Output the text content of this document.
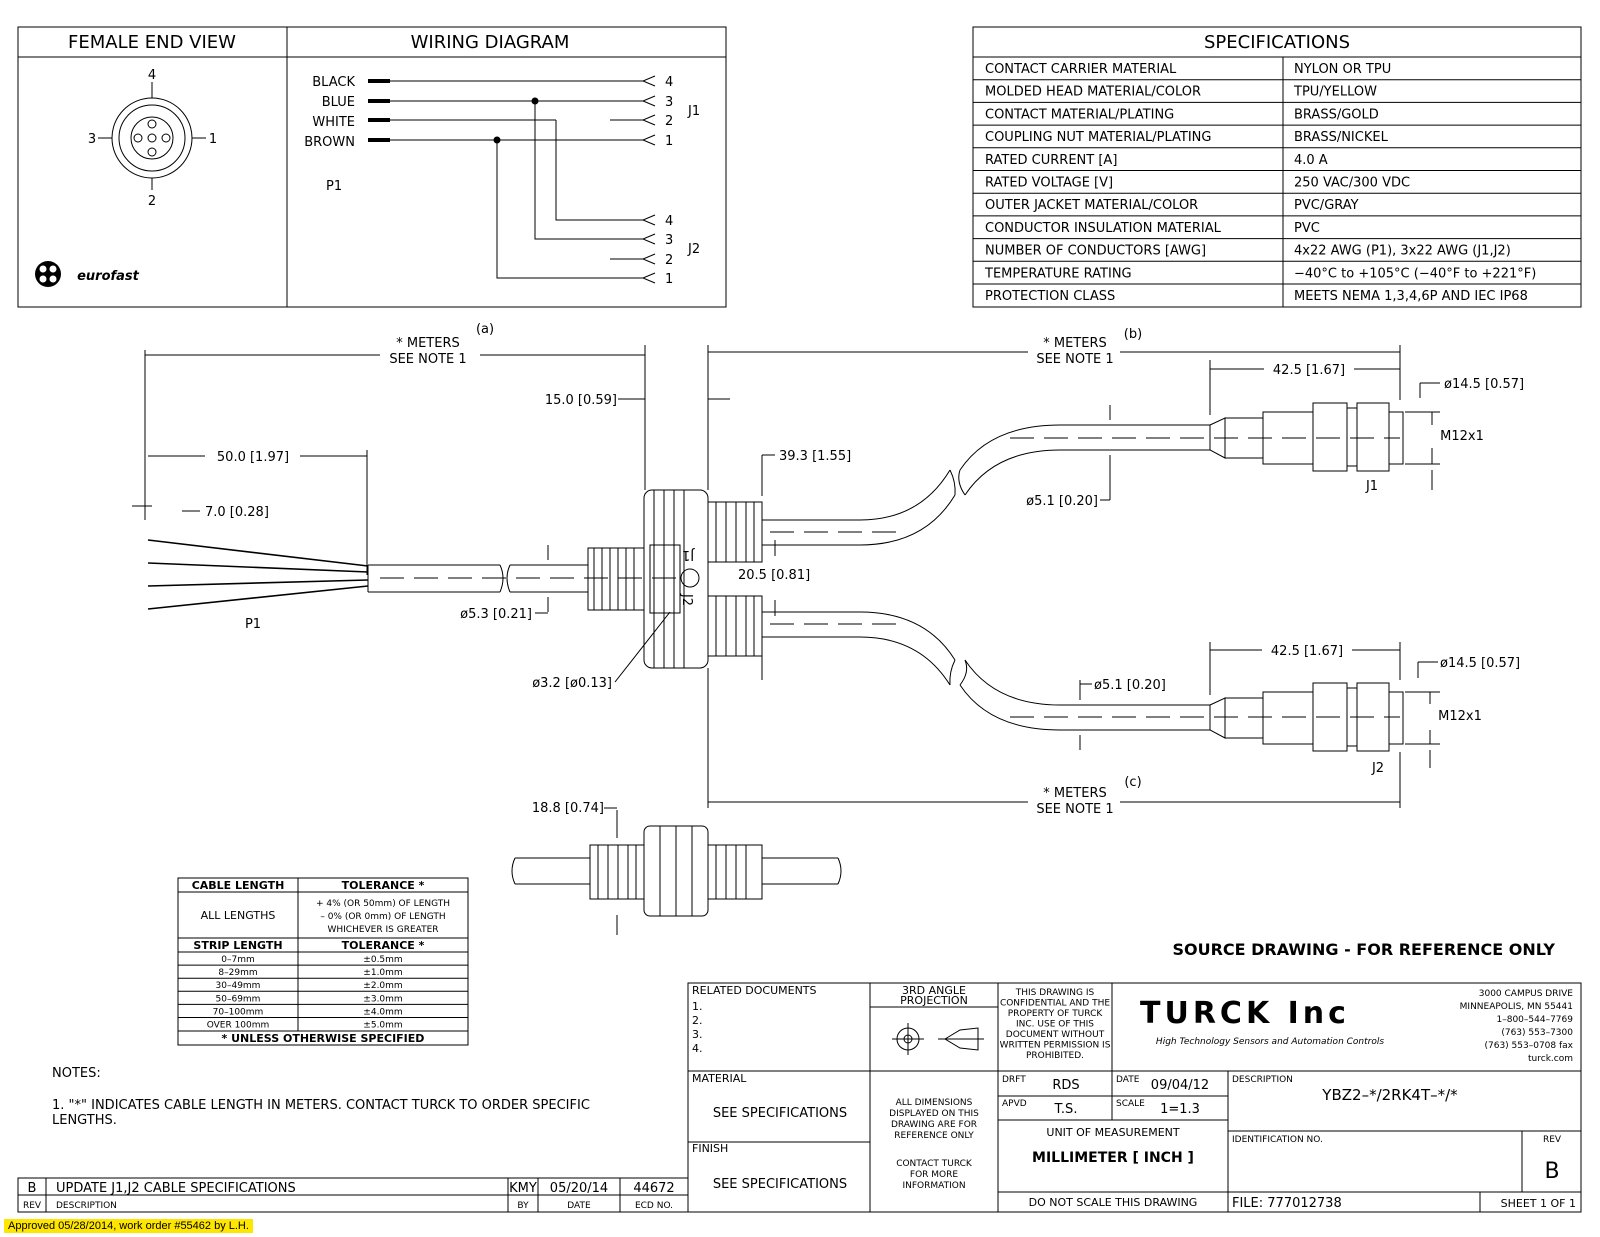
FEMALE END VIEW	WIRING DIAGRAM
4
3	1
2
eurofast
BLACK
BLUE
WHITE
BROWN
4
3
2
1
4
3
2
1
J1
J2
P1
SPECIFICATIONS
CONTACT CARRIER MATERIAL	NYLON OR TPU
MOLDED HEAD MATERIAL/COLOR	TPU/YELLOW
CONTACT MATERIAL/PLATING	BRASS/GOLD
COUPLING NUT MATERIAL/PLATING	BRASS/NICKEL
RATED CURRENT [A]	4.0 A
RATED VOLTAGE [V]	250 VAC/300 VDC
OUTER JACKET MATERIAL/COLOR	PVC/GRAY
CONDUCTOR INSULATION MATERIAL	PVC
NUMBER OF CONDUCTORS [AWG]	4x22 AWG (P1), 3x22 AWG (J1,J2)
TEMPERATURE RATING	−40°C to +105°C (−40°F to +221°F)
PROTECTION CLASS	MEETS NEMA 1,3,4,6P AND IEC IP68
* METERS
SEE NOTE 1
(a)
15.0 [0.59]
50.0 [1.97]
7.0 [0.28]
P1
ø5.3 [0.21]
J1
J2
39.3 [1.55]
20.5 [0.81]
ø3.2 [ø0.13]
ø5.1 [0.20]
42.5 [1.67]
ø14.5 [0.57]
M12x1
J1
* METERS
SEE NOTE 1
(b)
ø5.1 [0.20]
42.5 [1.67]
ø14.5 [0.57]
M12x1
J2
* METERS
SEE NOTE 1
(c)
18.8 [0.74]
CABLE LENGTH	TOLERANCE *
ALL LENGTHS
+ 4% (OR 50mm) OF LENGTH
– 0% (OR 0mm) OF LENGTH
WHICHEVER IS GREATER
STRIP LENGTH	TOLERANCE *
0–7mm	±0.5mm
8–29mm	±1.0mm
30–49mm	±2.0mm
50–69mm	±3.0mm
70–100mm	±4.0mm
OVER 100mm	±5.0mm
* UNLESS OTHERWISE SPECIFIED
NOTES:
1. "*" INDICATES CABLE LENGTH IN METERS. CONTACT TURCK TO ORDER SPECIFIC
LENGTHS.
SOURCE DRAWING - FOR REFERENCE ONLY
B UPDATE J1,J2 CABLE SPECIFICATIONS	KMY 05/20/14 44672
REV DESCRIPTION	BY	DATE	ECD NO.
RELATED DOCUMENTS
1.
2.
3.
4.
3RD ANGLE
PROJECTION
THIS DRAWING IS
CONFIDENTIAL AND THE
PROPERTY OF TURCK
INC. USE OF THIS
DOCUMENT WITHOUT
WRITTEN PERMISSION IS
PROHIBITED.
TURCK Inc
High Technology Sensors and Automation Controls
3000 CAMPUS DRIVE
MINNEAPOLIS, MN 55441
1–800–544–7769
(763) 553–7300
(763) 553–0708 fax
turck.com
MATERIAL
SEE SPECIFICATIONS
FINISH
SEE SPECIFICATIONS
ALL DIMENSIONS
DISPLAYED ON THIS
DRAWING ARE FOR
REFERENCE ONLY
CONTACT TURCK
FOR MORE
INFORMATION
DRFT RDS	DATE 09/04/12
APVD T.S.	SCALE 1=1.3
UNIT OF MEASUREMENT
MILLIMETER [ INCH ]
DO NOT SCALE THIS DRAWING
DESCRIPTION
YBZ2–*/2RK4T–*/*
IDENTIFICATION NO.	REV
B
FILE: 777012738	SHEET 1 OF 1
Approved 05/28/2014, work order #55462 by L.H.
